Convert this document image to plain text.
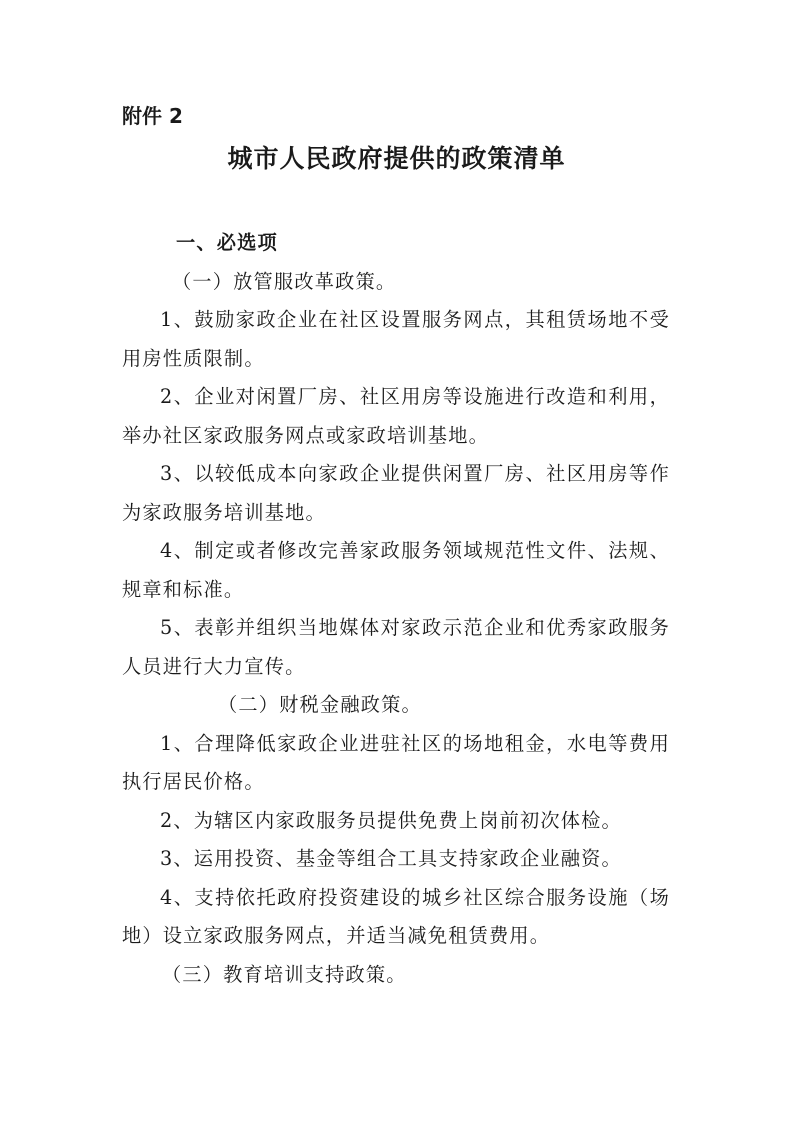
附件 2
城市人民政府提供的政策清单

一、必选项

（一）放管服改革政策。

1、鼓励家政企业在社区设置服务网点，其租赁场地不受用房性质限制。

2、企业对闲置厂房、社区用房等设施进行改造和利用，举办社区家政服务网点或家政培训基地。

3、以较低成本向家政企业提供闲置厂房、社区用房等作为家政服务培训基地。

4、制定或者修改完善家政服务领域规范性文件、法规、规章和标准。

5、表彰并组织当地媒体对家政示范企业和优秀家政服务人员进行大力宣传。

（二）财税金融政策。

1、合理降低家政企业进驻社区的场地租金，水电等费用执行居民价格。

2、为辖区内家政服务员提供免费上岗前初次体检。

3、运用投资、基金等组合工具支持家政企业融资。

4、支持依托政府投资建设的城乡社区综合服务设施（场地）设立家政服务网点，并适当减免租赁费用。

（三）教育培训支持政策。
